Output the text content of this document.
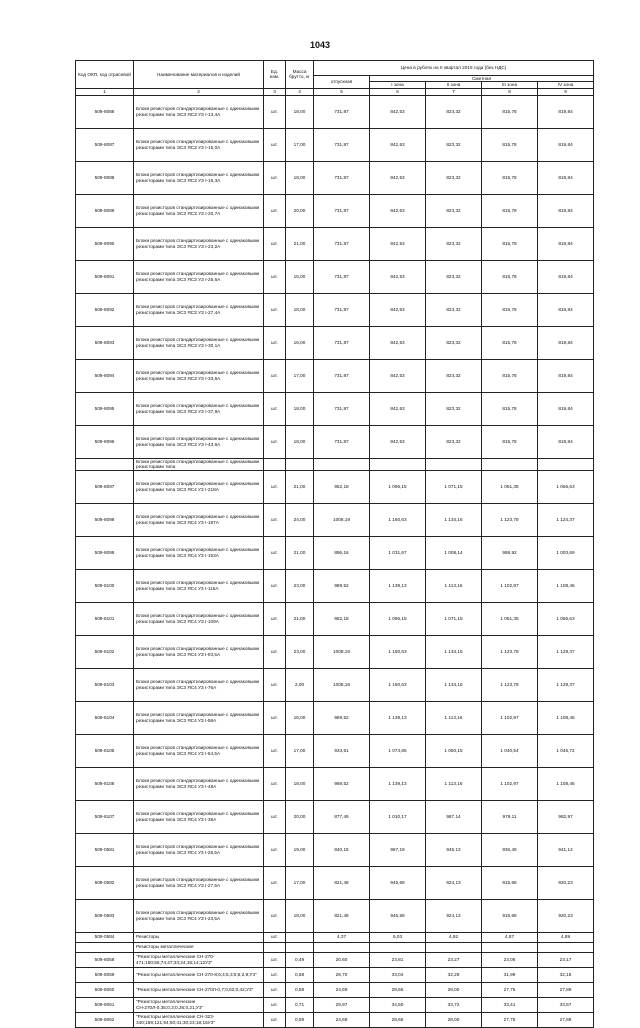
1043
Код ОКП, код отрасевой	Наименование материалов и изделий	Ед. изм.	Масса брутто, кг	Цена в рублях на II квартал 2016 года (без НДС)				
				отпускная	Сметная			
					I зона	II зона	III зона	IV зона
1	2	3	4	5	6	7	8	9
509-8086	Блоки резисторов стандартизированные с одинаковыми резисторами типа ЭСЗ ЯСЗ УЗ I-13,4А	шт.	18,00	731,87	842,53	823,32	815,78	819,84
509-8087	Блоки резисторов стандартизированные с одинаковыми резисторами типа ЭСЗ ЯСЗ УЗ I-15,0А	шт.	17,00	731,87	842,53	823,32	815,78	819,84
509-8088	Блоки резисторов стандартизированные с одинаковыми резисторами типа ЭСЗ ЯСЗ УЗ I-16,3А	шт.	18,00	731,87	842,53	823,32	815,78	819,84
509-8089	Блоки резисторов стандартизированные с одинаковыми резисторами типа ЭСЗ ЯСЗ УЗ I-20,7А	шт.	20,00	731,87	842,53	823,32	815,78	819,84
509-8090	Блоки резисторов стандартизированные с одинаковыми резисторами типа ЭСЗ ЯСЗ УЗ I-23,2А	шт.	21,00	731,87	842,53	823,32	815,78	819,84
509-8091	Блоки резисторов стандартизированные с одинаковыми резисторами типа ЭСЗ ЯСЗ УЗ I-25,6А	шт.	15,00	731,87	842,53	823,32	815,78	819,84
509-8092	Блоки резисторов стандартизированные с одинаковыми резисторами типа ЭСЗ ЯСЗ УЗ I-27,4А	шт.	18,00	731,87	842,53	823,32	815,78	819,84
509-8093	Блоки резисторов стандартизированные с одинаковыми резисторами типа ЭСЗ ЯСЗ УЗ I-30,1А	шт.	16,00	731,87	842,53	823,32	815,78	819,84
509-8094	Блоки резисторов стандартизированные с одинаковыми резисторами типа ЭСЗ ЯСЗ УЗ I-33,6А	шт.	17,00	731,87	842,53	823,32	815,78	819,84
509-8095	Блоки резисторов стандартизированные с одинаковыми резисторами типа ЭСЗ ЯСЗ УЗ I-37,9А	шт.	18,00	731,87	842,53	823,32	815,78	819,84
509-8096	Блоки резисторов стандартизированные с одинаковыми резисторами типа ЭСЗ ЯСЗ УЗ I-43,6А	шт.	18,00	731,87	842,53	823,32	815,78	819,84
	Блоки резисторов стандартизированные с одинаковыми резисторами типа							
509-8097	Блоки резисторов стандартизированные с одинаковыми резисторами типа ЭСЗ ЯС4 УЗ I-218А	шт.	21,00	952,18	1 096,15	1 071,15	1 061,35	1 066,63
509-8098	Блоки резисторов стандартизированные с одинаковыми резисторами типа ЭСЗ ЯС4 УЗ I-187А	шт.	24,00	1008,19	1 160,63	1 134,16	1 123,78	1 124,37
509-8099	Блоки резисторов стандартизированные с одинаковыми резисторами типа ЭСЗ ЯС4 УЗ I-153А	шт.	21,00	896,16	1 031,67	1 008,14	998,92	1 003,69
509-8100	Блоки резисторов стандартизированные с одинаковыми резисторами типа ЭСЗ ЯС4 УЗ I-116А	шт.	23,00	989,52	1 139,13	1 113,16	1 102,97	1 108,46
509-8101	Блоки резисторов стандартизированные с одинаковыми резисторами типа ЭСЗ ЯС4 УЗ I-109А	шт.	21,00	952,18	1 096,15	1 071,15	1 061,35	1 066,63
509-8102	Блоки резисторов стандартизированные с одинаковыми резисторами типа ЭСЗ ЯС4 УЗ I-93,5А	шт.	23,00	1008,19	1 160,63	1 134,16	1 123,78	1 129,37
509-8103	Блоки резисторов стандартизированные с одинаковыми резисторами типа ЭСЗ ЯС4 УЗ I-76А	шт.	2,00	1008,19	1 160,63	1 134,16	1 123,78	1 129,37
509-8104	Блоки резисторов стандартизированные с одинаковыми резисторами типа ЭСЗ ЯС4 УЗ I-58А	шт.	16,00	989,52	1 139,13	1 113,16	1 102,97	1 108,46
509-8105	Блоки резисторов стандартизированные с одинаковыми резисторами типа ЭСЗ ЯС4 УЗ I-54,5А	шт.	17,00	933,51	1 074,65	1 050,15	1 040,54	1 045,72
509-8106	Блоки резисторов стандартизированные с одинаковыми резисторами типа ЭСЗ ЯС4 УЗ I-48А	шт.	18,00	989,52	1 139,13	1 113,16	1 102,97	1 108,46
509-8107	Блоки резисторов стандартизированные с одинаковыми резисторами типа ЭСЗ ЯС4 УЗ I-38А	шт.	20,00	877,49	1 010,17	987,14	978,11	982,97
509-0581	Блоки резисторов стандартизированные с одинаковыми резисторами типа ЭСЗ ЯС4 УЗ I-28,5А	шт.	19,00	840,15	967,19	945,13	936,49	941,14
509-0582	Блоки резисторов стандартизированные с одинаковыми резисторами типа ЭСЗ ЯС4 УЗ I-27,5А	шт.	17,00	821,48	945,69	924,13	915,68	920,23
509-0583	Блоки резисторов стандартизированные с одинаковыми резисторами типа ЭСЗ ЯС4 УЗ I-23,5А	шт.	18,00	821,48	945,69	924,13	915,68	920,23
509-0584	Резисторы	шт.		4,37	5,03	4,92	4,87	4,89
	Резисторы металлические							
509-8058	"Резисторы металлические СН-270-471;150;56;74;47;33;24;18;14;12У3"	шт.	0,49	20,60	23,81	23,27	23,06	23,17
509-8059	"Резисторы металлические СН-270-8;6;4;5,3;5;6;2,9;У3"	шт.	0,68	28,70	33,04	32,29	31,99	32,15
509-8060	"Резисторы металлические СН-270Л-0,7;0,52;0,42;У3"	шт.	0,59	24,69	28,66	28,00	27,75	27,89
509-8061	"Резисторы металлические СН-270Л-0,35;0,3;0,26;0,21;У3"	шт.	0,71	29,97	34,50	33,72	33,41	33,57
509-8062	"Резисторы металлические СН-323-340;189;121;94;60;41;30;23;18;15У3"	шт.	0,59	24,69	28,66	28,00	27,75	27,89
